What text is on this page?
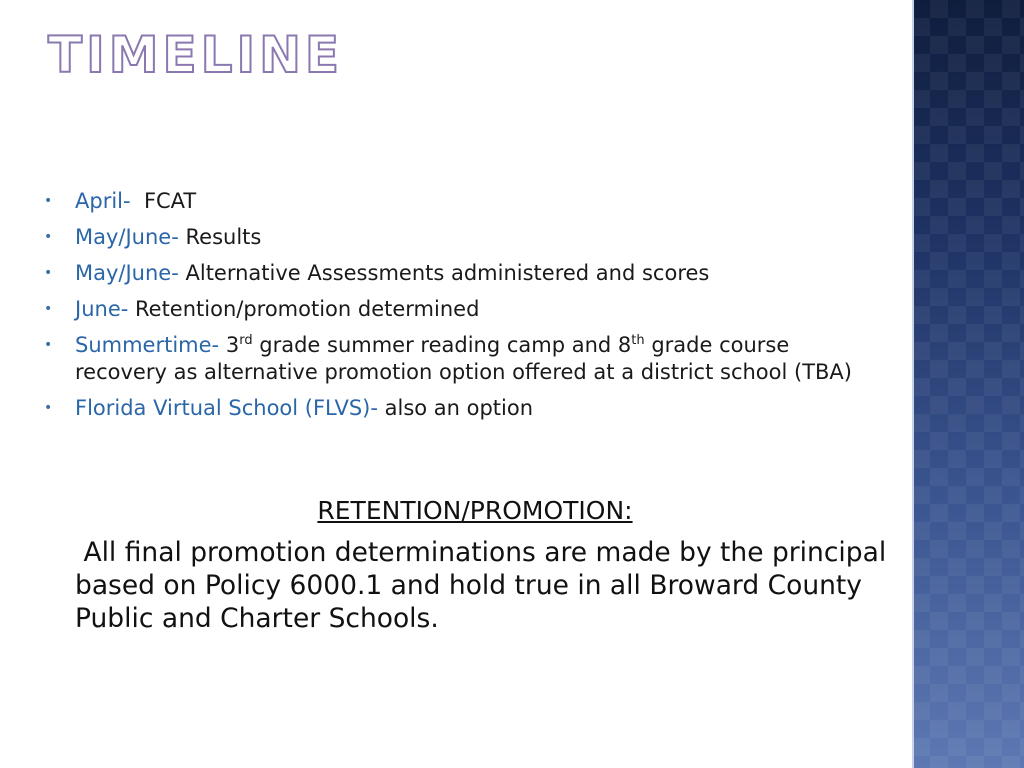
TIMELINE
• April- FCAT
• May/June- Results
• May/June- Alternative Assessments administered and scores
• June- Retention/promotion determined
• Summertime- 3rd grade summer reading camp and 8th grade course recovery as alternative promotion option offered at a district school (TBA)
• Florida Virtual School (FLVS)- also an option
RETENTION/PROMOTION:
All final promotion determinations are made by the principal based on Policy 6000.1 and hold true in all Broward County Public and Charter Schools.
